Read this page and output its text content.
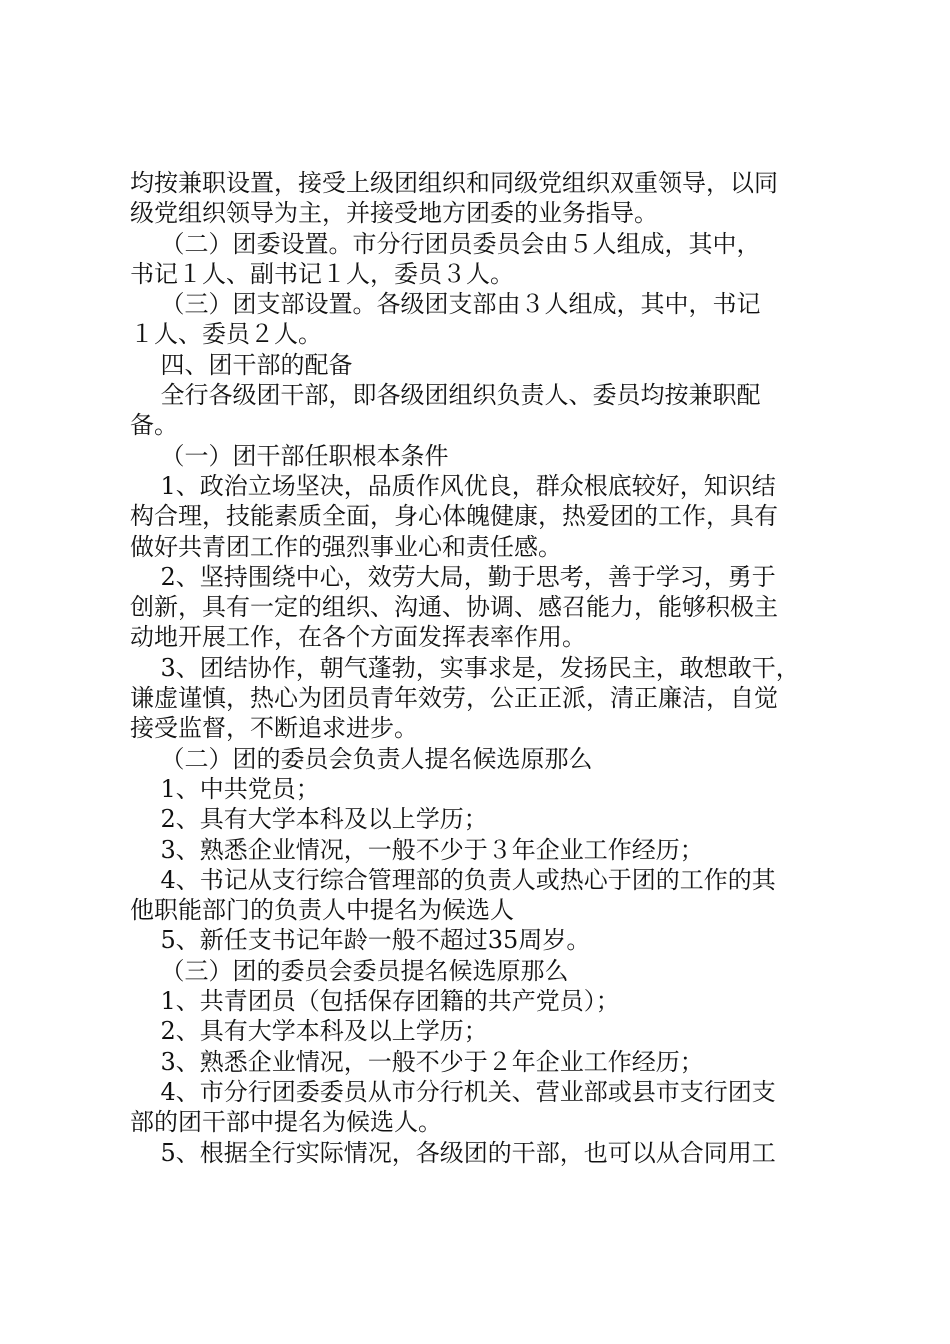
均按兼职设置，接受上级团组织和同级党组织双重领导，以同
级党组织领导为主，并接受地方团委的业务指导。
（二）团委设置。市分行团员委员会由５人组成，其中，
书记１人、副书记１人，委员３人。
（三）团支部设置。各级团支部由３人组成，其中，书记
１人、委员２人。
四、团干部的配备
全行各级团干部，即各级团组织负责人、委员均按兼职配
备。
（一）团干部任职根本条件
1、政治立场坚决，品质作风优良，群众根底较好，知识结
构合理，技能素质全面，身心体魄健康，热爱团的工作，具有
做好共青团工作的强烈事业心和责任感。
2、坚持围绕中心，效劳大局，勤于思考，善于学习，勇于
创新，具有一定的组织、沟通、协调、感召能力，能够积极主
动地开展工作，在各个方面发挥表率作用。
3、团结协作，朝气蓬勃，实事求是，发扬民主，敢想敢干，
谦虚谨慎，热心为团员青年效劳，公正正派，清正廉洁，自觉
接受监督，不断追求进步。
（二）团的委员会负责人提名候选原那么
1、中共党员；
2、具有大学本科及以上学历；
3、熟悉企业情况，一般不少于３年企业工作经历；
4、书记从支行综合管理部的负责人或热心于团的工作的其
他职能部门的负责人中提名为候选人
5、新任支书记年龄一般不超过35周岁。
（三）团的委员会委员提名候选原那么
1、共青团员（包括保存团籍的共产党员）；
2、具有大学本科及以上学历；
3、熟悉企业情况，一般不少于２年企业工作经历；
4、市分行团委委员从市分行机关、营业部或县市支行团支
部的团干部中提名为候选人。
5、根据全行实际情况，各级团的干部，也可以从合同用工
